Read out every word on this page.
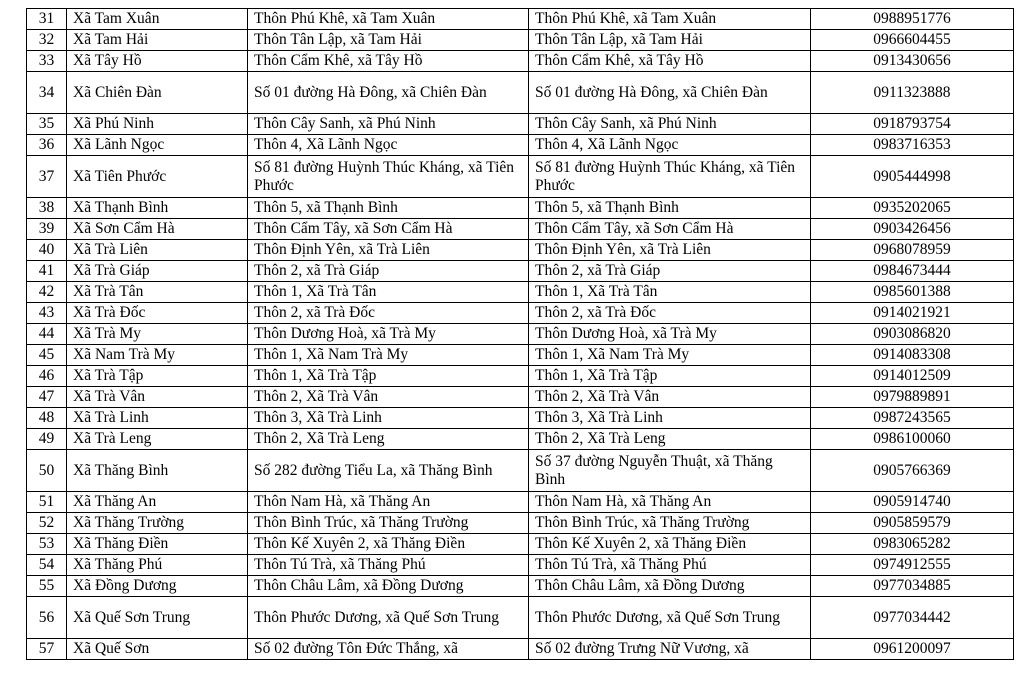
31	Xã Tam Xuân	Thôn Phú Khê, xã Tam Xuân	Thôn Phú Khê, xã Tam Xuân	0988951776
32	Xã Tam Hải	Thôn Tân Lập, xã Tam Hải	Thôn Tân Lập, xã Tam Hải	0966604455
33	Xã Tây Hồ	Thôn Cẩm Khê, xã Tây Hồ	Thôn Cẩm Khê, xã Tây Hồ	0913430656
34	Xã Chiên Đàn	Số 01 đường Hà Đông, xã Chiên Đàn	Số 01 đường Hà Đông, xã Chiên Đàn	0911323888
35	Xã Phú Ninh	Thôn Cây Sanh, xã Phú Ninh	Thôn Cây Sanh, xã Phú Ninh	0918793754
36	Xã Lãnh Ngọc	Thôn 4, Xã Lãnh Ngọc	Thôn 4, Xã Lãnh Ngọc	0983716353
37	Xã Tiên Phước	Số 81 đường Huỳnh Thúc Kháng, xã Tiên Phước	Số 81 đường Huỳnh Thúc Kháng, xã Tiên Phước	0905444998
38	Xã Thạnh Bình	Thôn 5, xã Thạnh Bình	Thôn 5, xã Thạnh Bình	0935202065
39	Xã Sơn Cẩm Hà	Thôn Cẩm Tây, xã Sơn Cẩm Hà	Thôn Cẩm Tây, xã Sơn Cẩm Hà	0903426456
40	Xã Trà Liên	Thôn Định Yên, xã Trà Liên	Thôn Định Yên, xã Trà Liên	0968078959
41	Xã Trà Giáp	Thôn 2, xã Trà Giáp	Thôn 2, xã Trà Giáp	0984673444
42	Xã Trà Tân	Thôn 1, Xã Trà Tân	Thôn 1, Xã Trà Tân	0985601388
43	Xã Trà Đốc	Thôn 2, xã Trà Đốc	Thôn 2, xã Trà Đốc	0914021921
44	Xã Trà My	Thôn Dương Hoà, xã Trà My	Thôn Dương Hoà, xã Trà My	0903086820
45	Xã Nam Trà My	Thôn 1, Xã Nam Trà My	Thôn 1, Xã Nam Trà My	0914083308
46	Xã Trà Tập	Thôn 1, Xã Trà Tập	Thôn 1, Xã Trà Tập	0914012509
47	Xã Trà Vân	Thôn 2, Xã Trà Vân	Thôn 2, Xã Trà Vân	0979889891
48	Xã Trà Linh	Thôn 3, Xã Trà Linh	Thôn 3, Xã Trà Linh	0987243565
49	Xã Trà Leng	Thôn 2, Xã Trà Leng	Thôn 2, Xã Trà Leng	0986100060
50	Xã Thăng Bình	Số 282 đường Tiểu La, xã Thăng Bình	Số 37 đường Nguyễn Thuật, xã Thăng Bình	0905766369
51	Xã Thăng An	Thôn Nam Hà, xã Thăng An	Thôn Nam Hà, xã Thăng An	0905914740
52	Xã Thăng Trường	Thôn Bình Trúc, xã Thăng Trường	Thôn Bình Trúc, xã Thăng Trường	0905859579
53	Xã Thăng Điền	Thôn Kế Xuyên 2, xã Thăng Điền	Thôn Kế Xuyên 2, xã Thăng Điền	0983065282
54	Xã Thăng Phú	Thôn Tú Trà, xã Thăng Phú	Thôn Tú Trà, xã Thăng Phú	0974912555
55	Xã Đồng Dương	Thôn Châu Lâm, xã Đồng Dương	Thôn Châu Lâm, xã Đồng Dương	0977034885
56	Xã Quế Sơn Trung	Thôn Phước Dương, xã Quế Sơn Trung	Thôn Phước Dương, xã Quế Sơn Trung	0977034442
57	Xã Quế Sơn	Số 02 đường Tôn Đức Thắng, xã	Số 02 đường Trưng Nữ Vương, xã	0961200097
